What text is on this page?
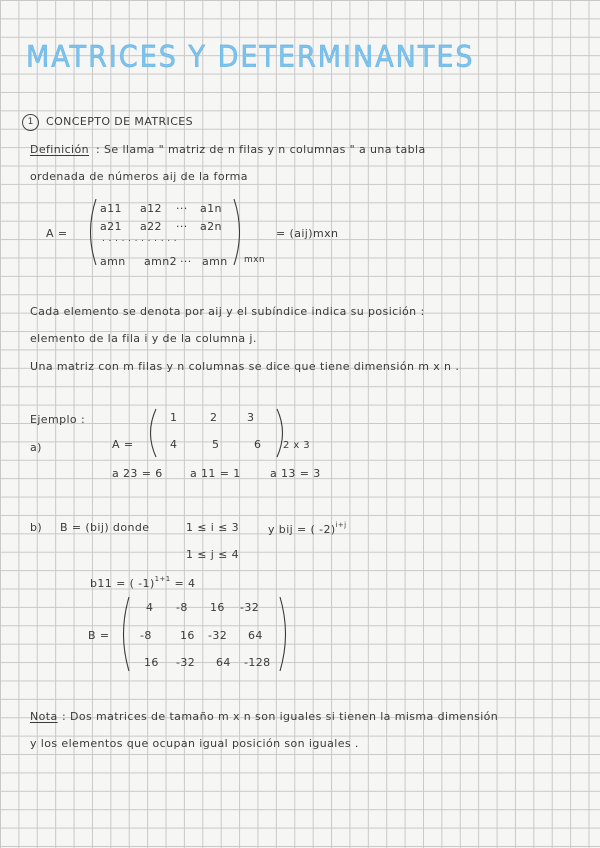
MATRICES Y DETERMINANTES
1	CONCEPTO DE MATRICES
Definición : Se llama " matriz de n filas y n columnas " a una tabla
ordenada de números aij de la forma
A =
a11 a12 ··· a1n
a21 a22 ··· a2n
. . . . . . . . . . . .
amn amn2 ··· amn mxn
= (aij)mxn
Cada elemento se denota por aij y el subíndice indica su posición :
elemento de la fila i y de la columna j.
Una matriz con m filas y n columnas se dice que tiene dimensión m x n .
Ejemplo :
a)	A =
1	2	3
4	5	6 2 x 3
a 23 = 6 a 11 = 1	a 13 = 3
b) B = (bij) donde	1 ≤ i ≤ 3
1 ≤ j ≤ 4
y bij = ( -2)$^{i+j}$
b11 = ( -1)$^{1+1}$ = 4
B =
4 -8 16 -32
-8	16 -32 64
16 -32 64 -128
Nota : Dos matrices de tamaño m x n son iguales si tienen la misma dimensión
y los elementos que ocupan igual posición son iguales .
